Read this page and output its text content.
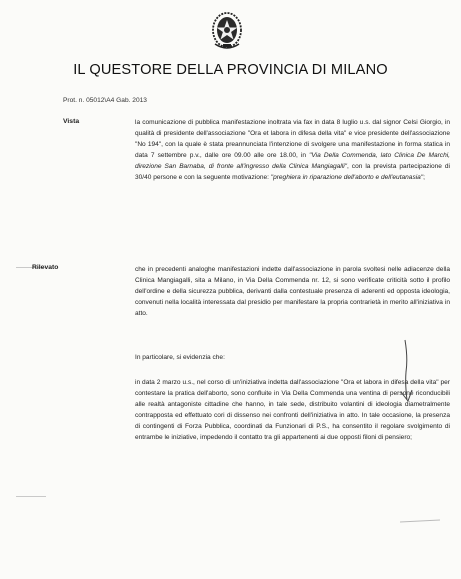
IL QUESTORE DELLA PROVINCIA DI MILANO
Prot. n. 05012\A4 Gab. 2013
Vista	la comunicazione di pubblica manifestazione inoltrata via fax in data 8 luglio u.s. dal signor Celsi Giorgio, in qualità di presidente dell'associazione "Ora et labora in difesa della vita" e vice presidente dell'associazione "No 194", con la quale è stata preannunciata l'intenzione di svolgere una manifestazione in forma statica in data 7 settembre p.v., dalle ore 09.00 alle ore 18.00, in "Via Della Commenda, lato Clinica De Marchi, direzione San Barnaba, di fronte all'ingresso della Clinica Mangiagalli", con la prevista partecipazione di 30/40 persone e con la seguente motivazione: "preghiera in riparazione dell'aborto e dell'eutanasia";
Rilevato	che in precedenti analoghe manifestazioni indette dall'associazione in parola svoltesi nelle adiacenze della Clinica Mangiagalli, sita a Milano, in Via Della Commenda nr. 12, si sono verificate criticità sotto il profilo dell'ordine e della sicurezza pubblica, derivanti dalla contestuale presenza di aderenti ed opposta ideologia, convenuti nella località interessata dal presidio per manifestare la propria contrarietà in merito all'iniziativa in atto.
In particolare, si evidenzia che:
in data 2 marzo u.s., nel corso di un'iniziativa indetta dall'associazione "Ora et labora in difesa della vita" per contestare la pratica dell'aborto, sono confluite in Via Della Commenda una ventina di persone riconducibili alle realtà antagoniste cittadine che hanno, in tale sede, distribuito volantini di ideologia diametralmente contrapposta ed effettuato cori di dissenso nei confronti dell'iniziativa in atto. In tale occasione, la presenza di contingenti di Forza Pubblica, coordinati da Funzionari di P.S., ha consentito il regolare svolgimento di entrambe le iniziative, impedendo il contatto tra gli appartenenti ai due opposti filoni di pensiero;
